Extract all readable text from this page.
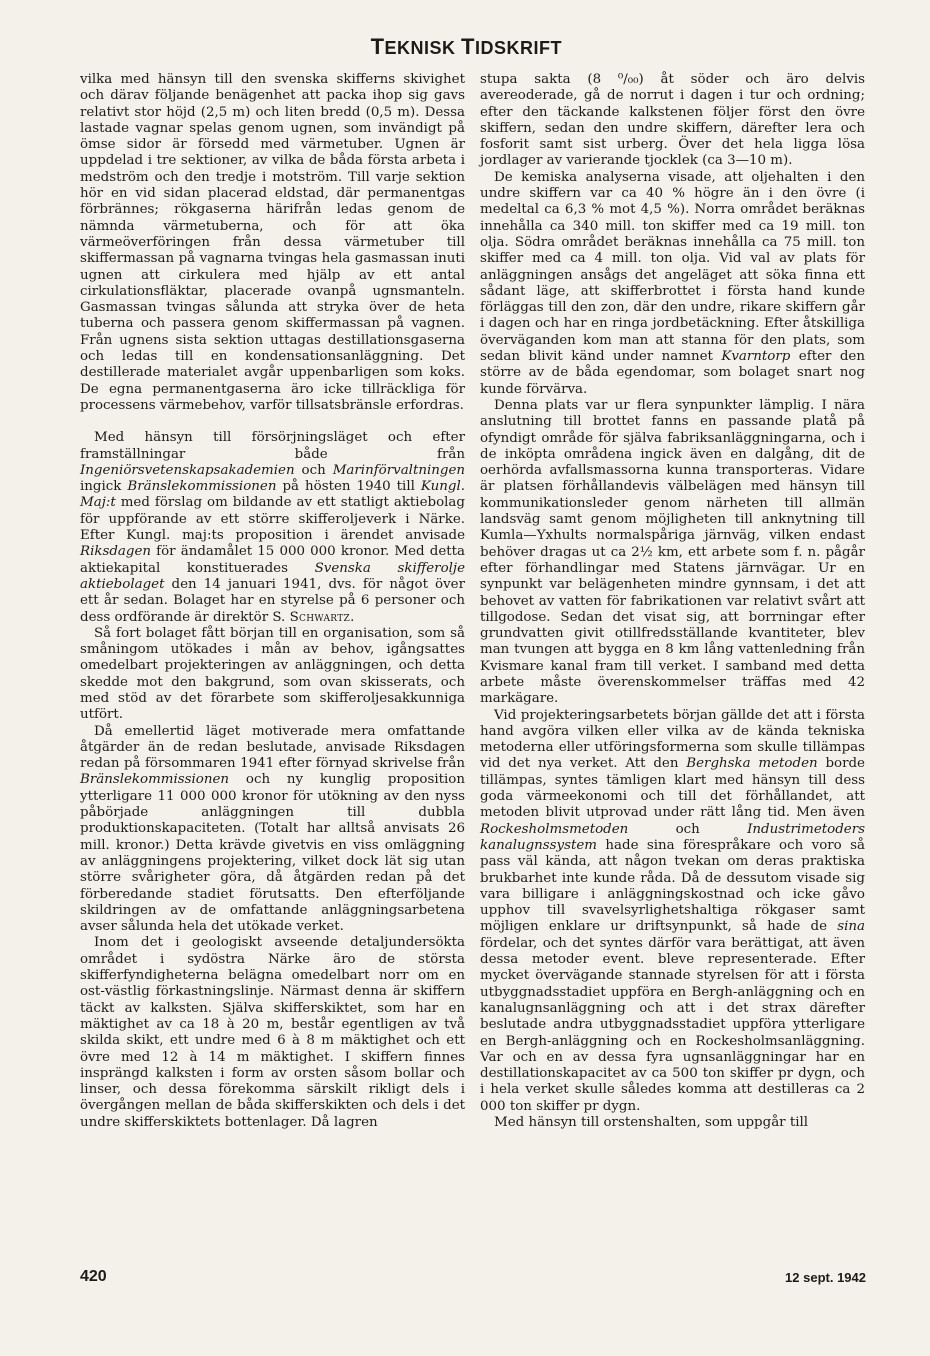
TEKNISK TIDSKRIFT

vilka med hänsyn till den svenska skifferns skivighet och därav följande benägenhet att packa ihop sig gavs relativt stor höjd (2,5 m) och liten bredd (0,5 m). Dessa lastade vagnar spelas genom ugnen, som invändigt på ömse sidor är försedd med värmetuber. Ugnen är uppdelad i tre sektioner, av vilka de båda första arbeta i medström och den tredje i motström. Till varje sektion hör en vid sidan placerad eldstad, där permanentgas förbrännes; rökgaserna härifrån ledas genom de nämnda värmetuberna, och för att öka värmeöverföringen från dessa värmetuber till skiffermassan på vagnarna tvingas hela gasmassan inuti ugnen att cirkulera med hjälp av ett antal cirkulationsfläktar, placerade ovanpå ugnsmanteln. Gasmassan tvingas sålunda att stryka över de heta tuberna och passera genom skiffermassan på vagnen. Från ugnens sista sektion uttagas destillationsgaserna och ledas till en kondensationsanläggning. Det destillerade materialet avgår uppenbarligen som koks. De egna permanentgaserna äro icke tillräckliga för processens värmebehov, varför tillsatsbränsle erfordras.

Med hänsyn till försörjningsläget och efter framställningar både från Ingeniörsvetenskapsakademien och Marinförvaltningen ingick Bränslekommissionen på hösten 1940 till Kungl. Maj:t med förslag om bildande av ett statligt aktiebolag för uppförande av ett större skifferoljeverk i Närke. Efter Kungl. maj:ts proposition i ärendet anvisade Riksdagen för ändamålet 15 000 000 kronor. Med detta aktiekapital konstituerades Svenska skifferolje aktiebolaget den 14 januari 1941, dvs. för något över ett år sedan. Bolaget har en styrelse på 6 personer och dess ordförande är direktör S. Schwartz.

Så fort bolaget fått början till en organisation, som så småningom utökades i mån av behov, igångsattes omedelbart projekteringen av anläggningen, och detta skedde mot den bakgrund, som ovan skisserats, och med stöd av det förarbete som skifferoljesakkunniga utfört.

Då emellertid läget motiverade mera omfattande åtgärder än de redan beslutade, anvisade Riksdagen redan på försommaren 1941 efter förnyad skrivelse från Bränslekommissionen och ny kunglig proposition ytterligare 11 000 000 kronor för utökning av den nyss påbörjade anläggningen till dubbla produktionskapaciteten. (Totalt har alltså anvisats 26 mill. kronor.) Detta krävde givetvis en viss omläggning av anläggningens projektering, vilket dock lät sig utan större svårigheter göra, då åtgärden redan på det förberedande stadiet förutsatts. Den efterföljande skildringen av de omfattande anläggningsarbetena avser sålunda hela det utökade verket.

Inom det i geologiskt avseende detaljundersökta området i sydöstra Närke äro de största skifferfyndigheterna belägna omedelbart norr om en ost-västlig förkastningslinje. Närmast denna är skiffern täckt av kalksten. Själva skifferskiktet, som har en mäktighet av ca 18 à 20 m, består egentligen av två skilda skikt, ett undre med 6 à 8 m mäktighet och ett övre med 12 à 14 m mäktighet. I skiffern finnes insprängd kalksten i form av orsten såsom bollar och linser, och dessa förekomma särskilt rikligt dels i övergången mellan de båda skifferskikten och dels i det undre skifferskiktets bottenlager. Då lagren

stupa sakta (8 ⁰/₀₀) åt söder och äro delvis avereoderade, gå de norrut i dagen i tur och ordning; efter den täckande kalkstenen följer först den övre skiffern, sedan den undre skiffern, därefter lera och fosforit samt sist urberg. Över det hela ligga lösa jordlager av varierande tjocklek (ca 3—10 m).

De kemiska analyserna visade, att oljehalten i den undre skiffern var ca 40 % högre än i den övre (i medeltal ca 6,3 % mot 4,5 %). Norra området beräknas innehålla ca 340 mill. ton skiffer med ca 19 mill. ton olja. Södra området beräknas innehålla ca 75 mill. ton skiffer med ca 4 mill. ton olja. Vid val av plats för anläggningen ansågs det angeläget att söka finna ett sådant läge, att skifferbrottet i första hand kunde förläggas till den zon, där den undre, rikare skiffern går i dagen och har en ringa jordbetäckning. Efter åtskilliga överväganden kom man att stanna för den plats, som sedan blivit känd under namnet Kvarntorp efter den större av de båda egendomar, som bolaget snart nog kunde förvärva.

Denna plats var ur flera synpunkter lämplig. I nära anslutning till brottet fanns en passande platå på ofyndigt område för själva fabriksanläggningarna, och i de inköpta områdena ingick även en dalgång, dit de oerhörda avfallsmassorna kunna transporteras. Vidare är platsen förhållandevis välbelägen med hänsyn till kommunikationsleder genom närheten till allmän landsväg samt genom möjligheten till anknytning till Kumla—Yxhults normalspåriga järnväg, vilken endast behöver dragas ut ca 2½ km, ett arbete som f. n. pågår efter förhandlingar med Statens järnvägar. Ur en synpunkt var belägenheten mindre gynnsam, i det att behovet av vatten för fabrikationen var relativt svårt att tillgodose. Sedan det visat sig, att borrningar efter grundvatten givit otillfredsställande kvantiteter, blev man tvungen att bygga en 8 km lång vattenledning från Kvismare kanal fram till verket. I samband med detta arbete måste överenskommelser träffas med 42 markägare.

Vid projekteringsarbetets början gällde det att i första hand avgöra vilken eller vilka av de kända tekniska metoderna eller utföringsformerna som skulle tillämpas vid det nya verket. Att den Berghska metoden borde tillämpas, syntes tämligen klart med hänsyn till dess goda värmeekonomi och till det förhållandet, att metoden blivit utprovad under rätt lång tid. Men även Rockesholmsmetoden och Industrimetoders kanalugnssystem hade sina förespråkare och voro så pass väl kända, att någon tvekan om deras praktiska brukbarhet inte kunde råda. Då de dessutom visade sig vara billigare i anläggningskostnad och icke gåvo upphov till svavelsyrlighetshaltiga rökgaser samt möjligen enklare ur driftsynpunkt, så hade de sina fördelar, och det syntes därför vara berättigat, att även dessa metoder event. bleve representerade. Efter mycket övervägande stannade styrelsen för att i första utbyggnadsstadiet uppföra en Bergh-anläggning och en kanalugnsanläggning och att i det strax därefter beslutade andra utbyggnadsstadiet uppföra ytterligare en Bergh-anläggning och en Rockesholmsanläggning. Var och en av dessa fyra ugnsanläggningar har en destillationskapacitet av ca 500 ton skiffer pr dygn, och i hela verket skulle således komma att destilleras ca 2 000 ton skiffer pr dygn.

Med hänsyn till orstenshalten, som uppgår till

420	12 sept. 1942
